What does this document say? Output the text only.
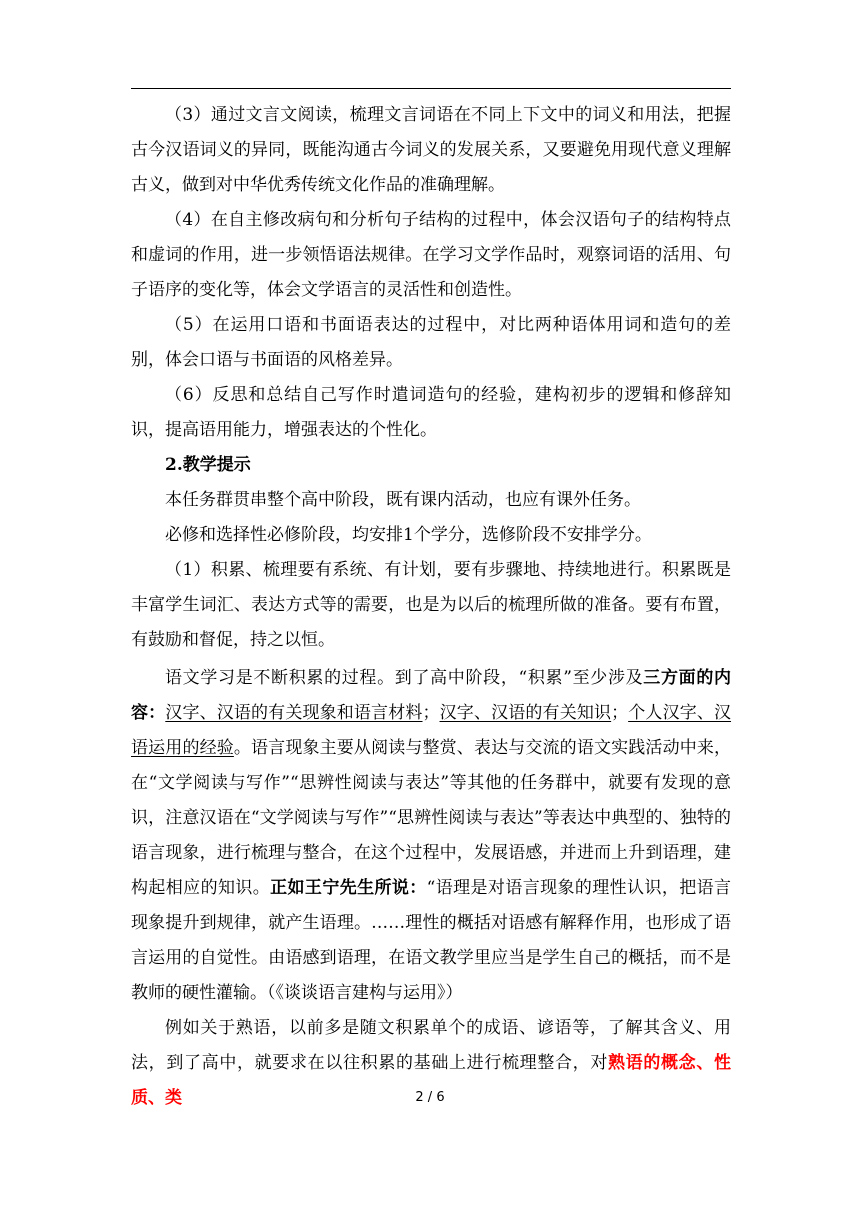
（3）通过文言文阅读，梳理文言词语在不同上下文中的词义和用法，把握古今汉语词义的异同，既能沟通古今词义的发展关系，又要避免用现代意义理解古义，做到对中华优秀传统文化作品的准确理解。

（4）在自主修改病句和分析句子结构的过程中，体会汉语句子的结构特点和虚词的作用，进一步领悟语法规律。在学习文学作品时，观察词语的活用、句子语序的变化等，体会文学语言的灵活性和创造性。

（5）在运用口语和书面语表达的过程中，对比两种语体用词和造句的差别，体会口语与书面语的风格差异。

（6）反思和总结自己写作时遣词造句的经验，建构初步的逻辑和修辞知识，提高语用能力，增强表达的个性化。

2.教学提示

本任务群贯串整个高中阶段，既有课内活动，也应有课外任务。

必修和选择性必修阶段，均安排1个学分，选修阶段不安排学分。

（1）积累、梳理要有系统、有计划，要有步骤地、持续地进行。积累既是丰富学生词汇、表达方式等的需要，也是为以后的梳理所做的准备。要有布置，有鼓励和督促，持之以恒。

语文学习是不断积累的过程。到了高中阶段，“积累”至少涉及三方面的内容：汉字、汉语的有关现象和语言材料；汉字、汉语的有关知识；个人汉字、汉语运用的经验。语言现象主要从阅读与整赏、表达与交流的语文实践活动中来，在“文学阅读与写作”“思辨性阅读与表达”等其他的任务群中，就要有发现的意识，注意汉语在“文学阅读与写作”“思辨性阅读与表达”等表达中典型的、独特的语言现象，进行梳理与整合，在这个过程中，发展语感，并进而上升到语理，建构起相应的知识。正如王宁先生所说：“语理是对语言现象的理性认识，把语言现象提升到规律，就产生语理。……理性的概括对语感有解释作用，也形成了语言运用的自觉性。由语感到语理，在语文教学里应当是学生自己的概括，而不是教师的硬性灌输。（《谈谈语言建构与运用》）

例如关于熟语，以前多是随文积累单个的成语、谚语等，了解其含义、用法，到了高中，就要求在以往积累的基础上进行梳理整合，对熟语的概念、性质、类	2 / 6
